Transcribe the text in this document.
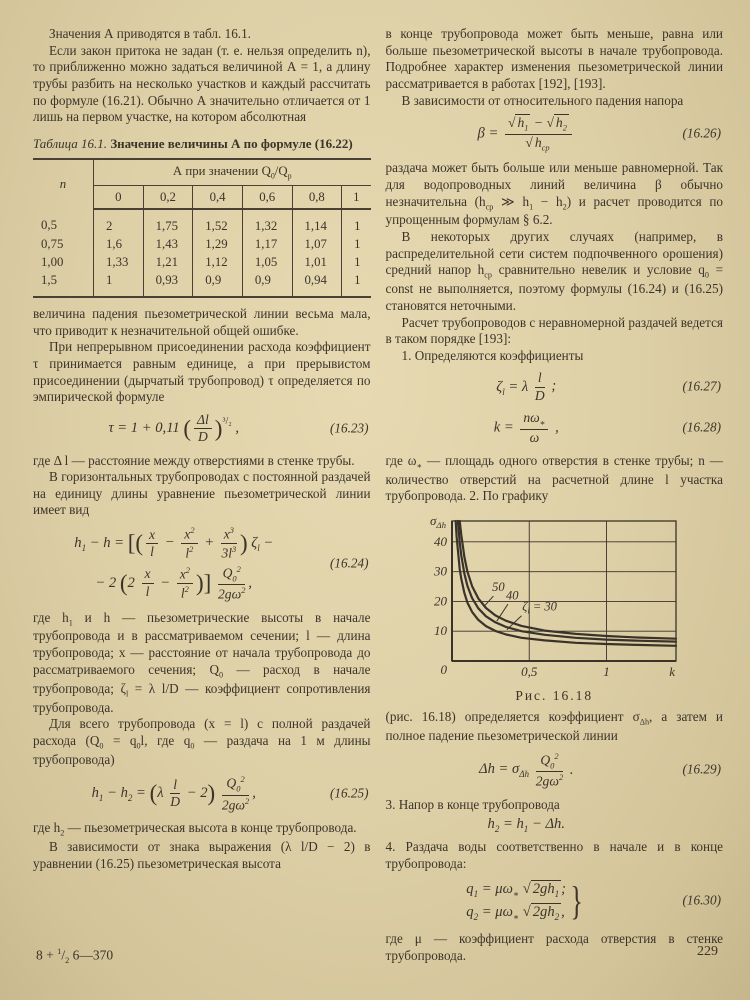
Значения А приводятся в табл. 16.1.

Если закон притока не задан (т. е. нельзя определить n), то приближенно можно задаться величиной А = 1, а длину трубы разбить на несколько участков и каждый рассчитать по формуле (16.21). Обычно А значительно отличается от 1 лишь на первом участке, на котором абсолютная

Таблица 16.1. Значение величины А по формуле (16.22)
n	А при значении $Q_0/Q_р$
	0	0,2	0,4	0,6	0,8	1
0,5	2	1,75	1,52	1,32	1,14	1
0,75	1,6	1,43	1,29	1,17	1,07	1
1,00	1,33	1,21	1,12	1,05	1,01	1
1,5	1	0,93	0,9	0,9	0,94	1

величина падения пьезометрической линии весьма мала, что приводит к незначительной общей ошибке.

При непрерывном присоединении расхода коэффициент τ принимается равным единице, а при прерывистом присоединении (дырчатый трубопровод) τ определяется по эмпирической формуле

τ = 1 + 0,11 ( $\frac{\Delta l}{D} )^{^3/_2}$ ,	(16.23)

где Δ l — расстояние между отверстиями в стенке трубы.

В горизонтальных трубопроводах с постоянной раздачей на единицу длины уравнение пьезометрической линии имеет вид

$h_1 - h$ = [( $\frac{x}{l} - \frac{x^2}{l^2} + \frac{x^3}{3l^3}$ ) $\zeta_l$ −
− 2 ($2 \frac{x}{l} - \frac{x^2}{l^2}$ )] $\frac{Q_0^2}{2g\omega^2}$ ,
(16.24)

где $h_1$ и h — пьезометрические высоты в начале трубопровода и в рассматриваемом сечении; l — длина трубопровода; x — расстояние от начала трубопровода до рассматриваемого сечения; $Q_0$ — расход в начале трубопровода; $\zeta_l = \lambda$ l/D — коэффициент сопротивления трубопровода.

Для всего трубопровода (x = l) с полной раздачей расхода ($Q_0 = q_0l$, где $q_0$ — раздача на 1 м длины трубопровода)

$h_1 - h_2 = (\lambda \frac{l}{D} - 2) \frac{Q_0^2}{2g\omega^2}$ ,	(16.25)

где $h_2$ — пьезометрическая высота в конце трубопровода.

В зависимости от знака выражения (λ l/D − 2) в уравнении (16.25) пьезометрическая высота

в конце трубопровода может быть меньше, равна или больше пьезометрической высоты в начале трубопровода. Подробнее характер изменения пьезометрической линии рассматривается в работах [192], [193].

В зависимости от относительного падения напора

$\beta = \frac{√ h_1 - √ h_2}{√ h_{ср}}$	(16.26)

раздача может быть больше или меньше равномерной. Так для водопроводных линий величина β обычно незначительна ($h_{ср}$ ≫ $h_1 - h_2$) и расчет проводится по упрощенным формулам § 6.2.

В некоторых других случаях (например, в распределительной сети систем подпочвенного орошения) средний напор $h_{ср}$ сравнительно невелик и условие $q_0$ = const не выполняется, поэтому формулы (16.24) и (16.25) становятся неточными.

Расчет трубопроводов с неравномерной раздачей ведется в таком порядке [193]:

1. Определяются коэффициенты

$\zeta_l = \lambda \frac{l}{D}$ ;	(16.27)
$k = \frac{n\omega_∗}{\omega}$ ,	(16.28)

где $\omega_∗$ — площадь одного отверстия в стенке трубы; n — количество отверстий на расчетной длине l участка трубопровода. 2. По графику

50
40
$\zeta_l = 30$
10
20
30
40
0,5	1
0	k
$\sigma_{\Delta h}$
Рис. 16.18

(рис. 16.18) определяется коэффициент $\sigma_{\Delta h}$, а затем и полное падение пьезометрической линии

$\Delta h = \sigma_{\Delta h} \frac{Q_0^2}{2g\omega^2}$ .	(16.29)

3. Напор в конце трубопровода

$h_2 = h_1 - \Delta h$.

4. Раздача воды соответственно в начале и в конце трубопровода:

$q_1 = \mu\omega_∗$ √ $2gh_1$ ;
$q_2 = \mu\omega_∗$ √ $2gh_2$ , }	(16.30)

где μ — коэффициент расхода отверстия в стенке трубопровода.

$8 + ^1/_2$ 6—370	229
